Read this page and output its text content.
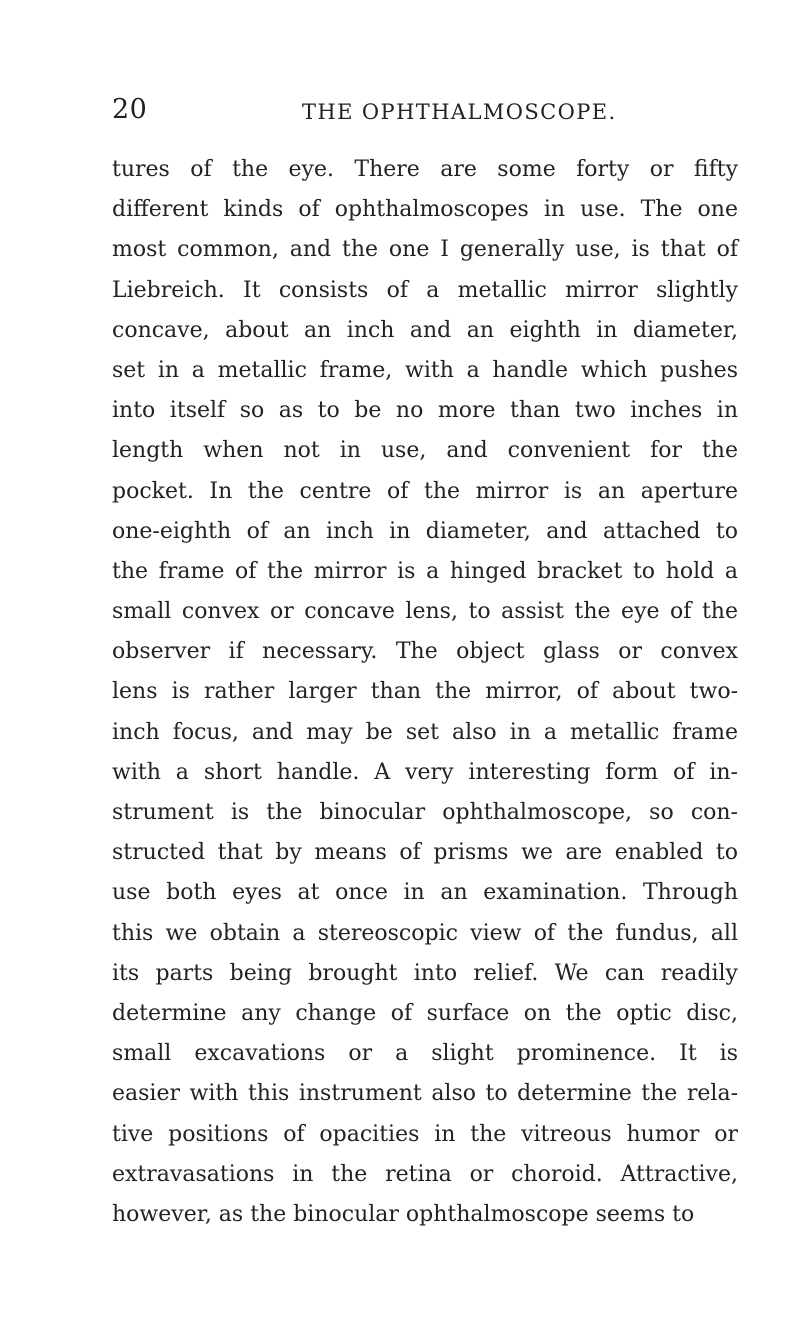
20	THE OPHTHALMOSCOPE.
tures of the eye. There are some forty or fifty
different kinds of ophthalmoscopes in use. The one
most common, and the one I generally use, is that of
Liebreich. It consists of a metallic mirror slightly
concave, about an inch and an eighth in diameter,
set in a metallic frame, with a handle which pushes
into itself so as to be no more than two inches in
length when not in use, and convenient for the
pocket. In the centre of the mirror is an aperture
one-eighth of an inch in diameter, and attached to
the frame of the mirror is a hinged bracket to hold a
small convex or concave lens, to assist the eye of the
observer if necessary. The object glass or convex
lens is rather larger than the mirror, of about two-
inch focus, and may be set also in a metallic frame
with a short handle. A very interesting form of in-
strument is the binocular ophthalmoscope, so con-
structed that by means of prisms we are enabled to
use both eyes at once in an examination. Through
this we obtain a stereoscopic view of the fundus, all
its parts being brought into relief. We can readily
determine any change of surface on the optic disc,
small excavations or a slight prominence. It is
easier with this instrument also to determine the rela-
tive positions of opacities in the vitreous humor or
extravasations in the retina or choroid. Attractive,
however, as the binocular ophthalmoscope seems to
